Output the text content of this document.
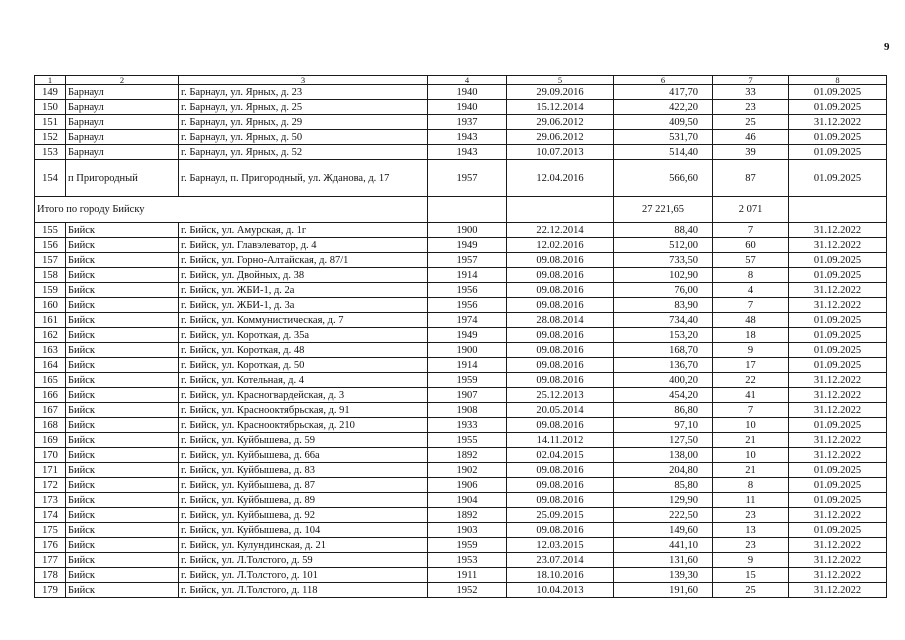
9
1	2	3	4	5	6	7	8
149	Барнаул	г. Барнаул, ул. Ярных, д. 23	1940	29.09.2016	417,70	33	01.09.2025
150	Барнаул	г. Барнаул, ул. Ярных, д. 25	1940	15.12.2014	422,20	23	01.09.2025
151	Барнаул	г. Барнаул, ул. Ярных, д. 29	1937	29.06.2012	409,50	25	31.12.2022
152	Барнаул	г. Барнаул, ул. Ярных, д. 50	1943	29.06.2012	531,70	46	01.09.2025
153	Барнаул	г. Барнаул, ул. Ярных, д. 52	1943	10.07.2013	514,40	39	01.09.2025
154	п Пригородный	г. Барнаул, п. Пригородный, ул. Жданова, д. 17	1957	12.04.2016	566,60	87	01.09.2025
Итого по городу Бийску					27 221,65	2 071	
155	Бийск	г. Бийск, ул. Амурская, д. 1г	1900	22.12.2014	88,40	7	31.12.2022
156	Бийск	г. Бийск, ул. Главэлеватор, д. 4	1949	12.02.2016	512,00	60	31.12.2022
157	Бийск	г. Бийск, ул. Горно-Алтайская, д. 87/1	1957	09.08.2016	733,50	57	01.09.2025
158	Бийск	г. Бийск, ул. Двойных, д. 38	1914	09.08.2016	102,90	8	01.09.2025
159	Бийск	г. Бийск, ул. ЖБИ-1, д. 2а	1956	09.08.2016	76,00	4	31.12.2022
160	Бийск	г. Бийск, ул. ЖБИ-1, д. 3а	1956	09.08.2016	83,90	7	31.12.2022
161	Бийск	г. Бийск, ул. Коммунистическая, д. 7	1974	28.08.2014	734,40	48	01.09.2025
162	Бийск	г. Бийск, ул. Короткая, д. 35а	1949	09.08.2016	153,20	18	01.09.2025
163	Бийск	г. Бийск, ул. Короткая, д. 48	1900	09.08.2016	168,70	9	01.09.2025
164	Бийск	г. Бийск, ул. Короткая, д. 50	1914	09.08.2016	136,70	17	01.09.2025
165	Бийск	г. Бийск, ул. Котельная, д. 4	1959	09.08.2016	400,20	22	31.12.2022
166	Бийск	г. Бийск, ул. Красногвардейская, д. 3	1907	25.12.2013	454,20	41	31.12.2022
167	Бийск	г. Бийск, ул. Краснооктябрьская, д. 91	1908	20.05.2014	86,80	7	31.12.2022
168	Бийск	г. Бийск, ул. Краснооктябрьская, д. 210	1933	09.08.2016	97,10	10	01.09.2025
169	Бийск	г. Бийск, ул. Куйбышева, д. 59	1955	14.11.2012	127,50	21	31.12.2022
170	Бийск	г. Бийск, ул. Куйбышева, д. 66а	1892	02.04.2015	138,00	10	31.12.2022
171	Бийск	г. Бийск, ул. Куйбышева, д. 83	1902	09.08.2016	204,80	21	01.09.2025
172	Бийск	г. Бийск, ул. Куйбышева, д. 87	1906	09.08.2016	85,80	8	01.09.2025
173	Бийск	г. Бийск, ул. Куйбышева, д. 89	1904	09.08.2016	129,90	11	01.09.2025
174	Бийск	г. Бийск, ул. Куйбышева, д. 92	1892	25.09.2015	222,50	23	31.12.2022
175	Бийск	г. Бийск, ул. Куйбышева, д. 104	1903	09.08.2016	149,60	13	01.09.2025
176	Бийск	г. Бийск, ул. Кулундинская, д. 21	1959	12.03.2015	441,10	23	31.12.2022
177	Бийск	г. Бийск, ул. Л.Толстого, д. 59	1953	23.07.2014	131,60	9	31.12.2022
178	Бийск	г. Бийск, ул. Л.Толстого, д. 101	1911	18.10.2016	139,30	15	31.12.2022
179	Бийск	г. Бийск, ул. Л.Толстого, д. 118	1952	10.04.2013	191,60	25	31.12.2022
